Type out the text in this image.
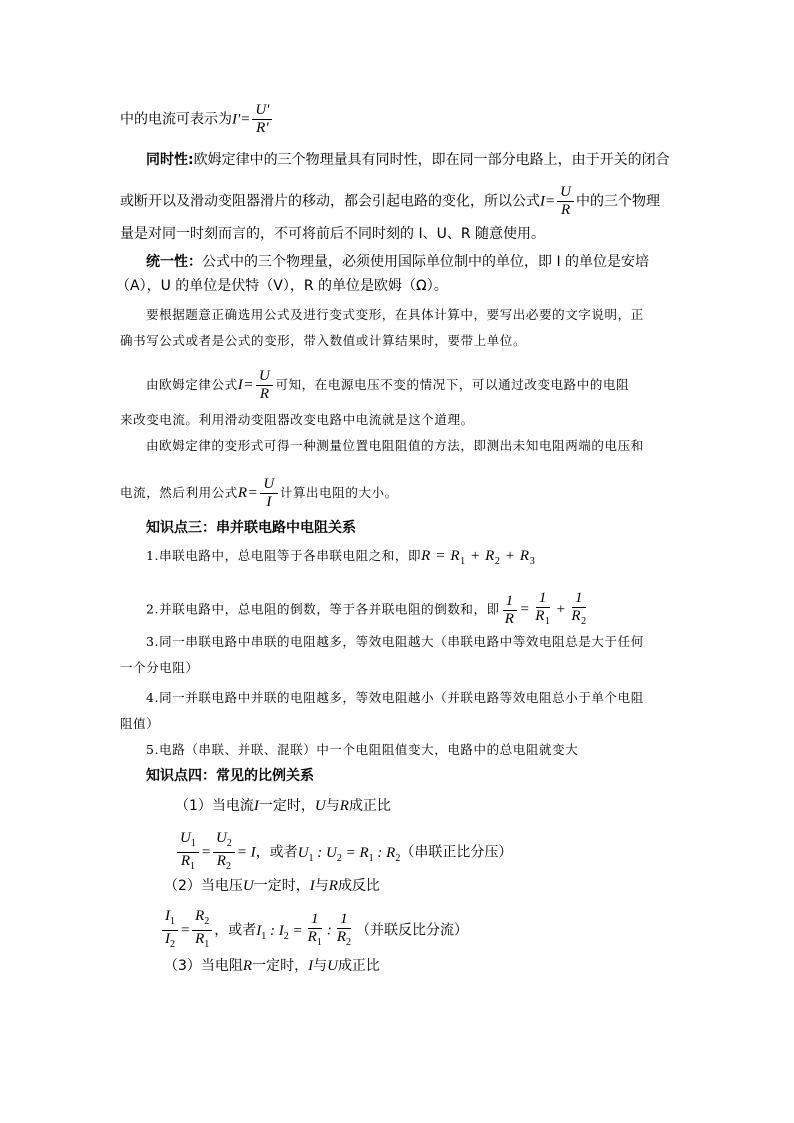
中的电流可表示为$I'= \frac{U'}{R'}$
同时性:欧姆定律中的三个物理量具有同时性，即在同一部分电路上，由于开关的闭合
或断开以及滑动变阻器滑片的移动，都会引起电路的变化，所以公式$I= \frac{U}{R}$ 中的三个物理
量是对同一时刻而言的，不可将前后不同时刻的 I、U、R 随意使用。
统一性：公式中的三个物理量，必须使用国际单位制中的单位，即 I 的单位是安培
（A），U 的单位是伏特（V），R 的单位是欧姆（Ω）。
要根据题意正确选用公式及进行变式变形，在具体计算中，要写出必要的文字说明，正
确书写公式或者是公式的变形，带入数值或计算结果时，要带上单位。
由欧姆定律公式$I= \frac{U}{R}$ 可知，在电源电压不变的情况下，可以通过改变电路中的电阻
来改变电流。利用滑动变阻器改变电路中电流就是这个道理。
由欧姆定律的变形式可得一种测量位置电阻阻值的方法，即测出未知电阻两端的电压和
电流，然后利用公式$R= \frac{U}{I}$ 计算出电阻的大小。
知识点三：串并联电路中电阻关系
1.串联电路中，总电阻等于各串联电阻之和，即$R = R_1 + R_2 + R_3$
2.并联电路中，总电阻的倒数，等于各并联电阻的倒数和，即 $\frac{1}{R} = \frac{1}{R_1} + \frac{1}{R_2}$
3.同一串联电路中串联的电阻越多，等效电阻越大（串联电路中等效电阻总是大于任何
一个分电阻）
4.同一并联电路中并联的电阻越多，等效电阻越小（并联电路等效电阻总小于单个电阻
阻值）
5.电路（串联、并联、混联）中一个电阻阻值变大，电路中的总电阻就变大
知识点四：常见的比例关系
（1）当电流I一定时，U与R成正比
$\frac{U_1}{R_1} = \frac{U_2}{R_2} = I$，或者$U_1$ : $U_2 = R_1$ : $R_2$（串联正比分压）
（2）当电压U一定时，I与R成反比
$\frac{I_1}{I_2} = \frac{R_2}{R_1}$ ，或者$I_1$ : $I_2 = \frac{1}{R_1}$ : $\frac{1}{R_2}$ （并联反比分流）
（3）当电阻R一定时，I与U成正比
